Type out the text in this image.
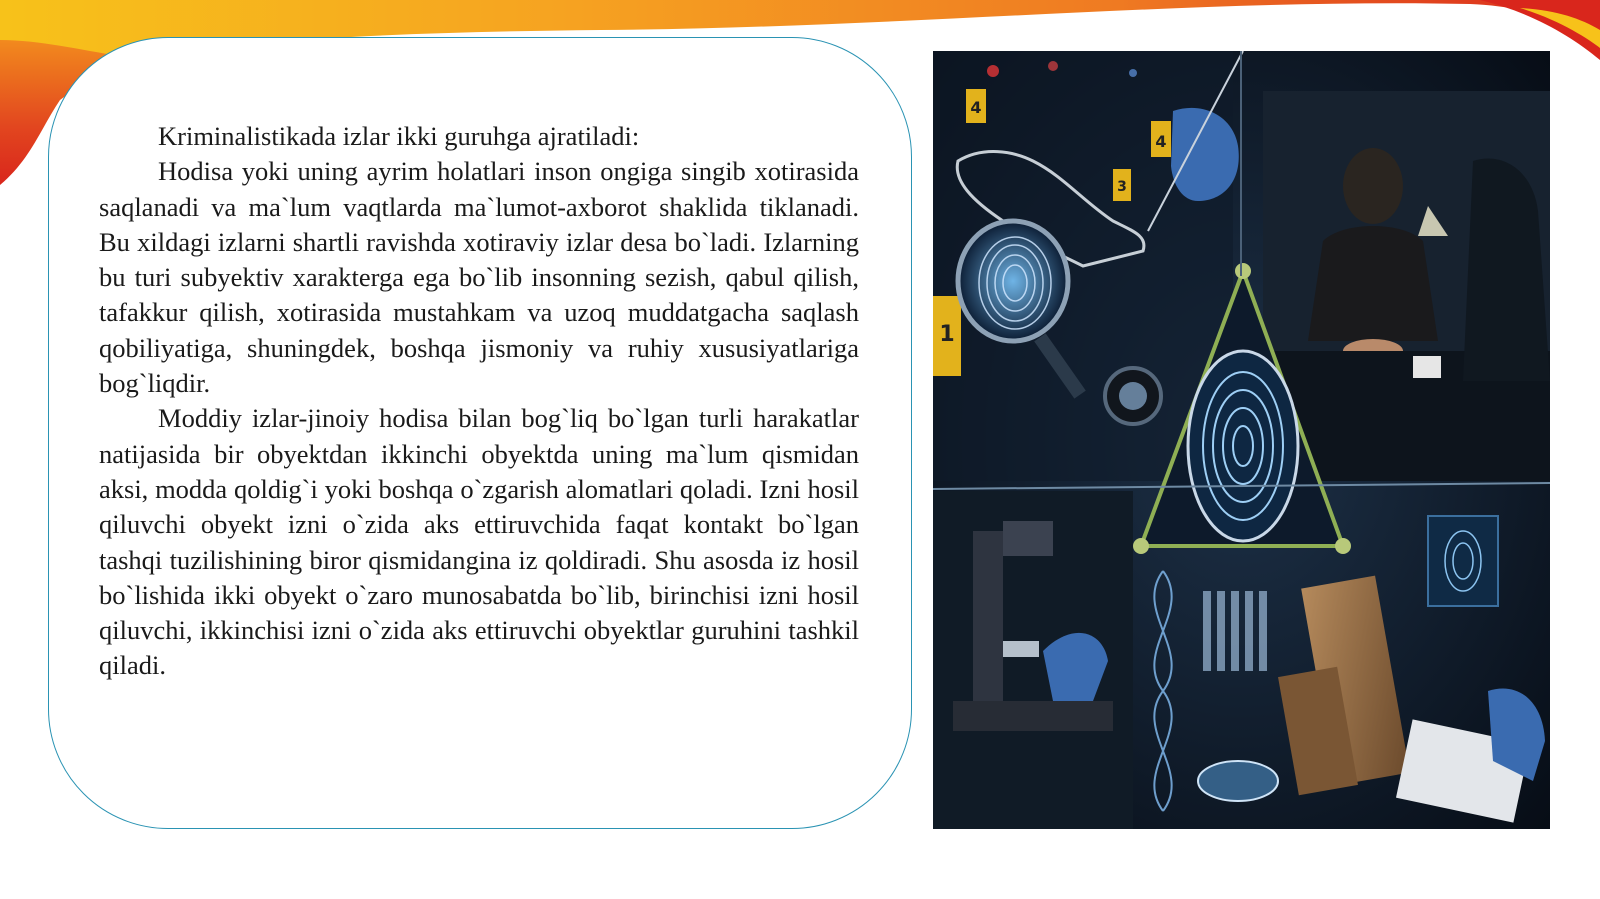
Kriminalistikada izlar ikki guruhga ajratiladi:

Hodisa yoki uning ayrim holatlari inson ongiga singib xotirasida saqlanadi va ma`lum vaqtlarda ma`lumot-axborot shaklida tiklanadi. Bu xildagi izlarni shartli ravishda xotiraviy izlar desa bo`ladi. Izlarning bu turi subyektiv xarakterga ega bo`lib insonning sezish, qabul qilish, tafakkur qilish, xotirasida mustahkam va uzoq muddatgacha saqlash qobiliyatiga, shuningdek, boshqa jismoniy va ruhiy xususiyatlariga bog`liqdir.

Moddiy izlar-jinoiy hodisa bilan bog`liq bo`lgan turli harakatlar natijasida bir obyektdan ikkinchi obyektda uning ma`lum qismidan aksi, modda qoldig`i yoki boshqa o`zgarish alomatlari qoladi. Izni hosil qiluvchi obyekt izni o`zida aks ettiruvchida faqat kontakt bo`lgan tashqi tuzilishining biror qismidangina iz qoldiradi. Shu asosda iz hosil bo`lishida ikki obyekt o`zaro munosabatda bo`lib, birinchisi izni hosil qiluvchi, ikkinchisi izni o`zida aks ettiruvchi obyektlar guruhini tashkil qiladi.

4
4
3
1
